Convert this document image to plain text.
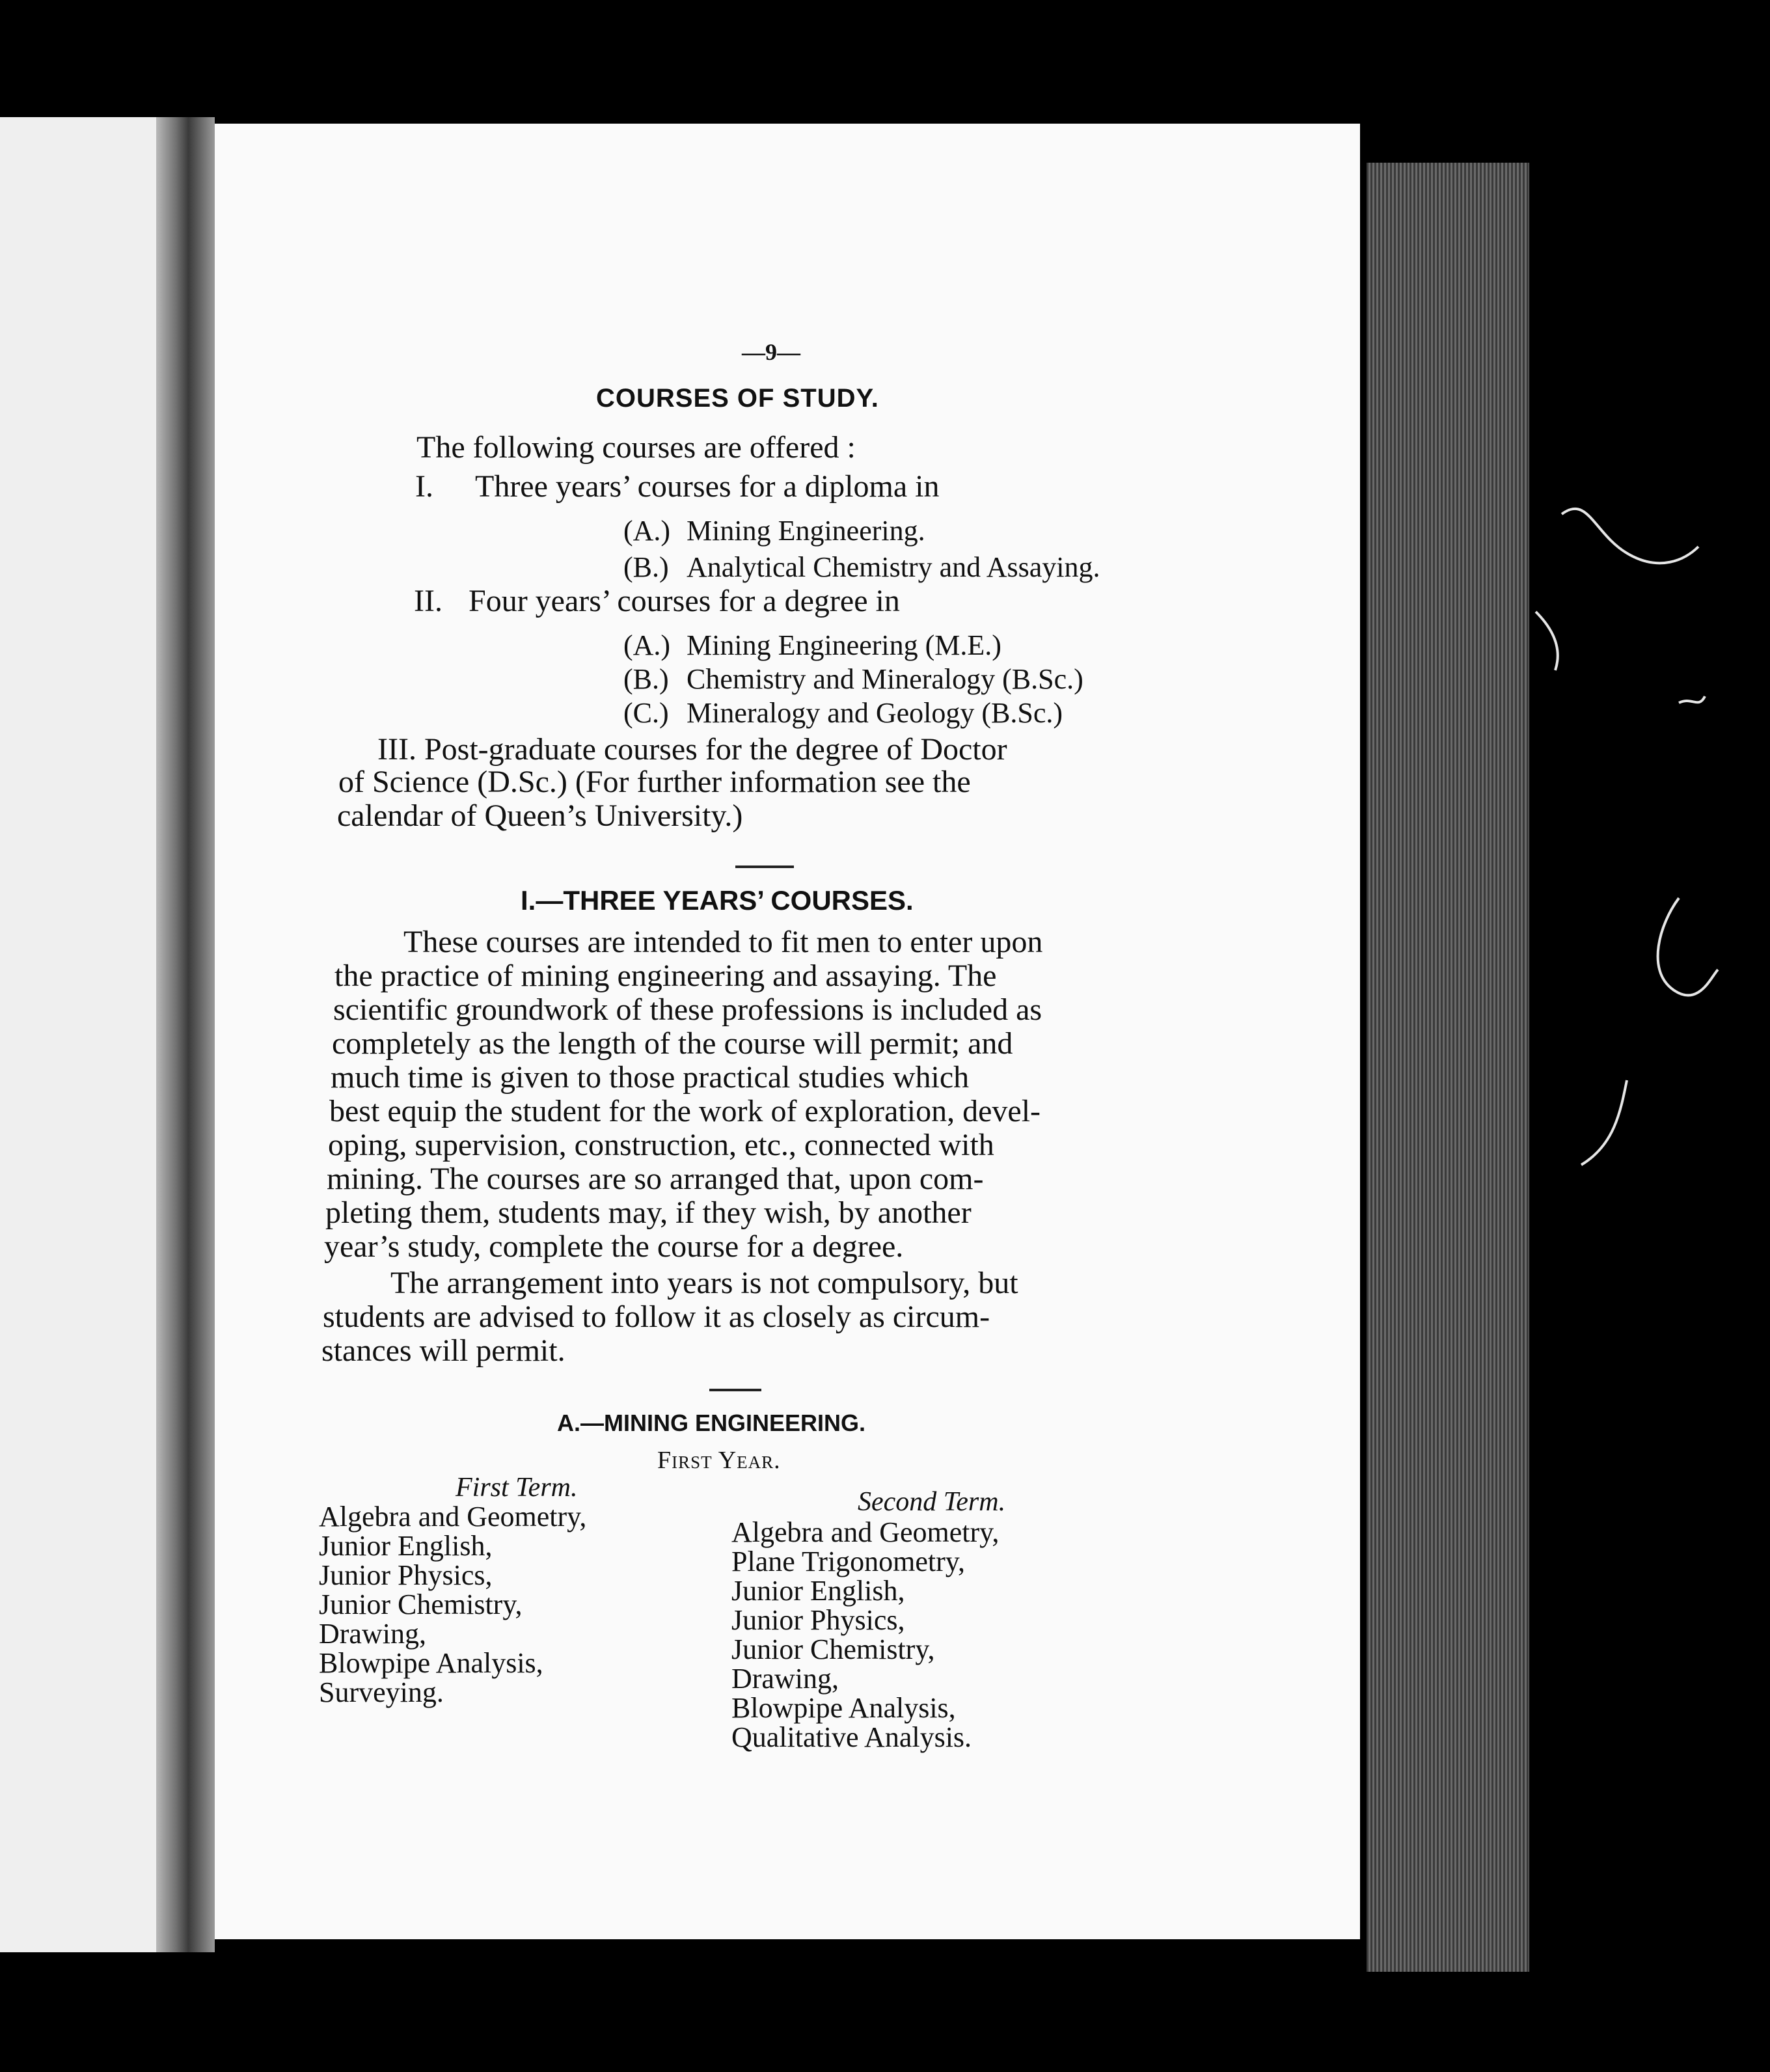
—9—
COURSES OF STUDY.
The following courses are offered :
I. Three years’ courses for a diploma in
(A.) Mining Engineering.
(B.) Analytical Chemistry and Assaying.
II. Four years’ courses for a degree in
(A.) Mining Engineering (M.E.)
(B.) Chemistry and Mineralogy (B.Sc.)
(C.) Mineralogy and Geology (B.Sc.)
III. Post-graduate courses for the degree of Doctor
of Science (D.Sc.) (For further information see the
calendar of Queen’s University.)
I.—THREE YEARS’ COURSES.
These courses are intended to fit men to enter upon
the practice of mining engineering and assaying. The
scientific groundwork of these professions is included as
completely as the length of the course will permit; and
much time is given to those practical studies which
best equip the student for the work of exploration, devel-
oping, supervision, construction, etc., connected with
mining. The courses are so arranged that, upon com-
pleting them, students may, if they wish, by another
year’s study, complete the course for a degree.
The arrangement into years is not compulsory, but
students are advised to follow it as closely as circum-
stances will permit.
A.—MINING ENGINEERING.
First Year.
First Term.
Algebra and Geometry,
Junior English,
Junior Physics,
Junior Chemistry,
Drawing,
Blowpipe Analysis,
Surveying.
Second Term.
Algebra and Geometry,
Plane Trigonometry,
Junior English,
Junior Physics,
Junior Chemistry,
Drawing,
Blowpipe Analysis,
Qualitative Analysis.
